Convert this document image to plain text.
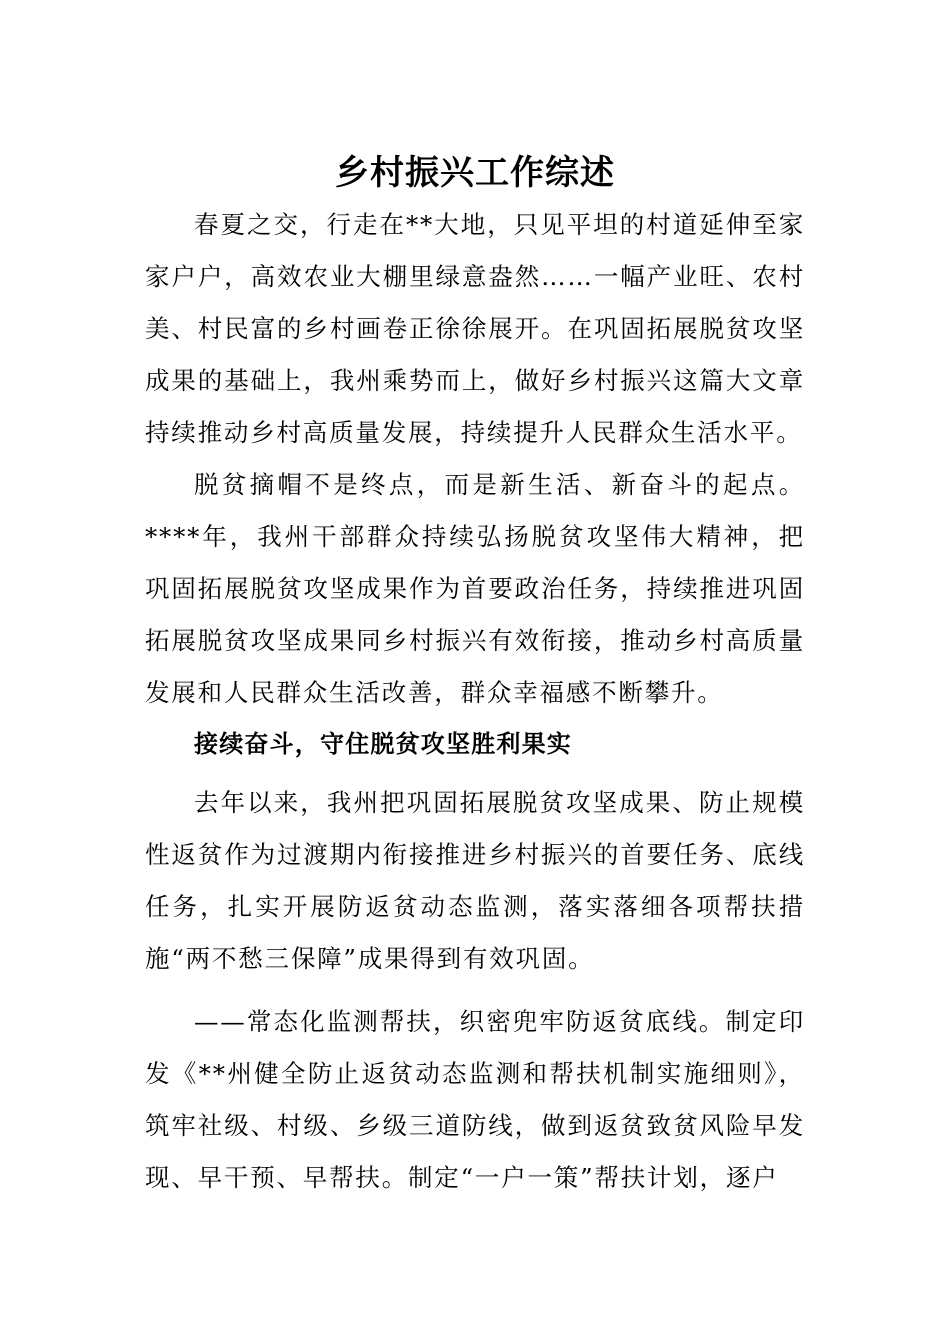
乡村振兴工作综述

春夏之交，行走在**大地，只见平坦的村道延伸至家家户户，高效农业大棚里绿意盎然……一幅产业旺、农村美、村民富的乡村画卷正徐徐展开。在巩固拓展脱贫攻坚成果的基础上，我州乘势而上，做好乡村振兴这篇大文章持续推动乡村高质量发展，持续提升人民群众生活水平。

脱贫摘帽不是终点，而是新生活、新奋斗的起点。****年，我州干部群众持续弘扬脱贫攻坚伟大精神，把巩固拓展脱贫攻坚成果作为首要政治任务，持续推进巩固拓展脱贫攻坚成果同乡村振兴有效衔接，推动乡村高质量发展和人民群众生活改善，群众幸福感不断攀升。

接续奋斗，守住脱贫攻坚胜利果实

去年以来，我州把巩固拓展脱贫攻坚成果、防止规模性返贫作为过渡期内衔接推进乡村振兴的首要任务、底线任务，扎实开展防返贫动态监测，落实落细各项帮扶措施“两不愁三保障”成果得到有效巩固。

——常态化监测帮扶，织密兜牢防返贫底线。制定印发《**州健全防止返贫动态监测和帮扶机制实施细则》，筑牢社级、村级、乡级三道防线，做到返贫致贫风险早发现、早干预、早帮扶。制定“一户一策”帮扶计划，逐户
